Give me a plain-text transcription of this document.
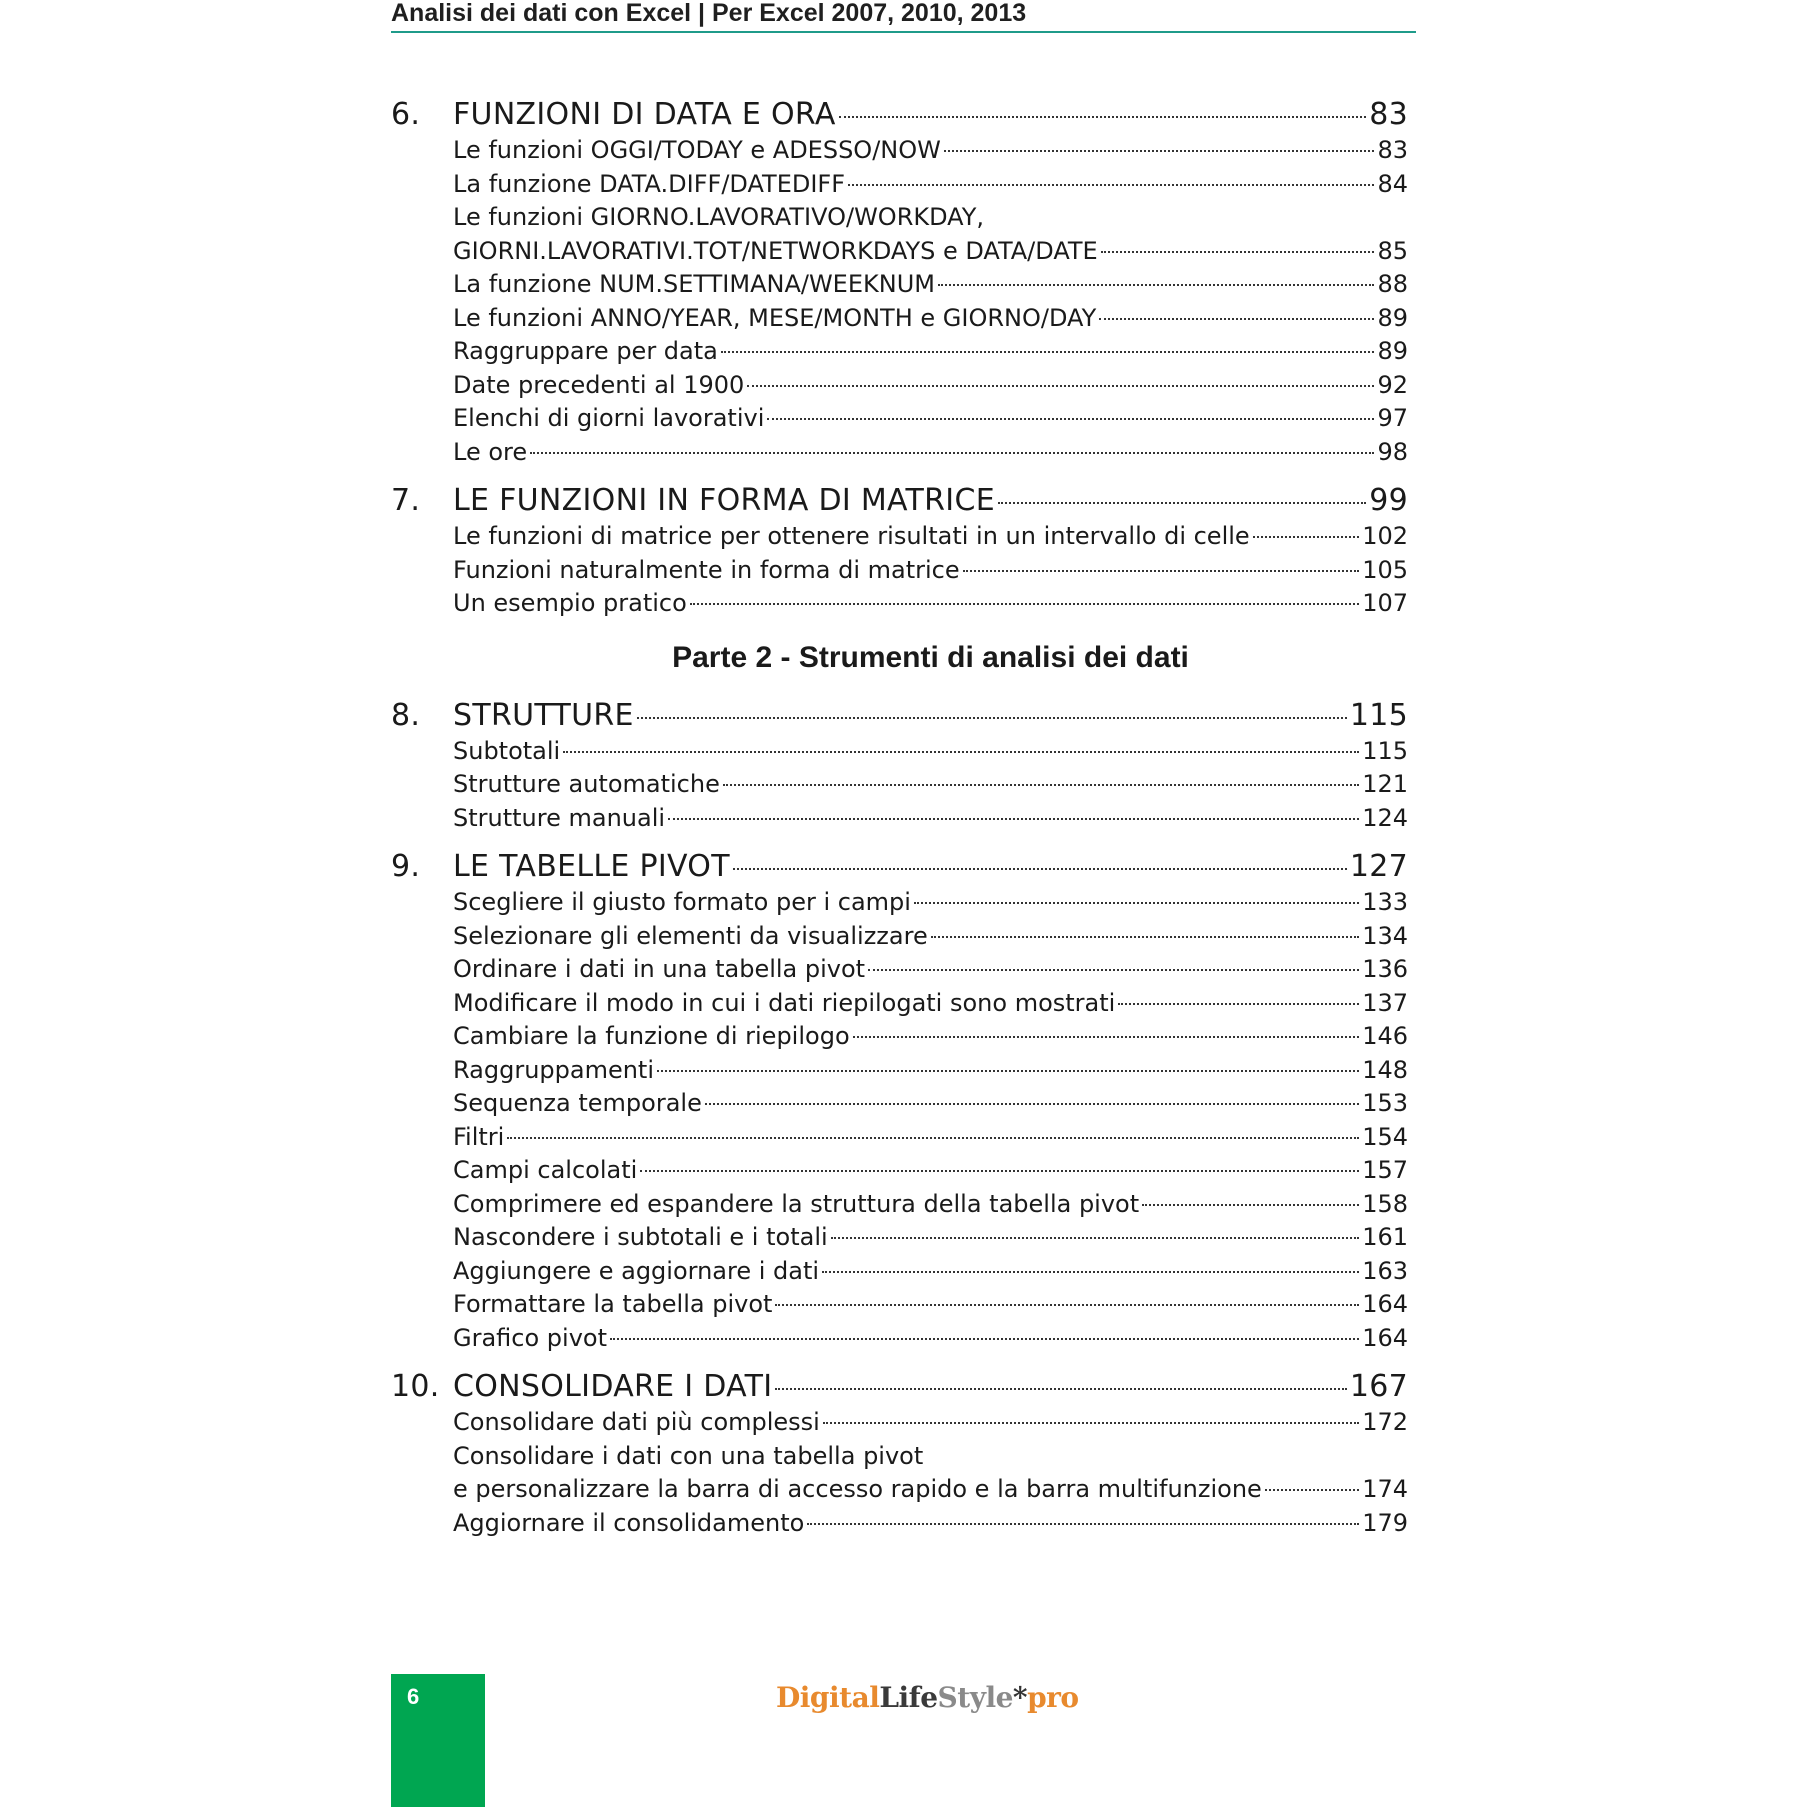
Analisi dei dati con Excel | Per Excel 2007, 2010, 2013
6. FUNZIONI DI DATA E ORA	83
Le funzioni OGGI/TODAY e ADESSO/NOW	83
La funzione DATA.DIFF/DATEDIFF	84
Le funzioni GIORNO.LAVORATIVO/WORKDAY,
GIORNI.LAVORATIVI.TOT/NETWORKDAYS e DATA/DATE	85
La funzione NUM.SETTIMANA/WEEKNUM	88
Le funzioni ANNO/YEAR, MESE/MONTH e GIORNO/DAY	89
Raggruppare per data	89
Date precedenti al 1900	92
Elenchi di giorni lavorativi	97
Le ore	98
7. LE FUNZIONI IN FORMA DI MATRICE	99
Le funzioni di matrice per ottenere risultati in un intervallo di celle	102
Funzioni naturalmente in forma di matrice	105
Un esempio pratico	107
Parte 2 - Strumenti di analisi dei dati
8. STRUTTURE	115
Subtotali	115
Strutture automatiche	121
Strutture manuali	124
9. LE TABELLE PIVOT	127
Scegliere il giusto formato per i campi	133
Selezionare gli elementi da visualizzare	134
Ordinare i dati in una tabella pivot	136
Modificare il modo in cui i dati riepilogati sono mostrati	137
Cambiare la funzione di riepilogo	146
Raggruppamenti	148
Sequenza temporale	153
Filtri	154
Campi calcolati	157
Comprimere ed espandere la struttura della tabella pivot	158
Nascondere i subtotali e i totali	161
Aggiungere e aggiornare i dati	163
Formattare la tabella pivot	164
Grafico pivot	164
10. CONSOLIDARE I DATI	167
Consolidare dati più complessi	172
Consolidare i dati con una tabella pivot
e personalizzare la barra di accesso rapido e la barra multifunzione	174
Aggiornare il consolidamento	179
6	DigitalLifeStyle*pro
